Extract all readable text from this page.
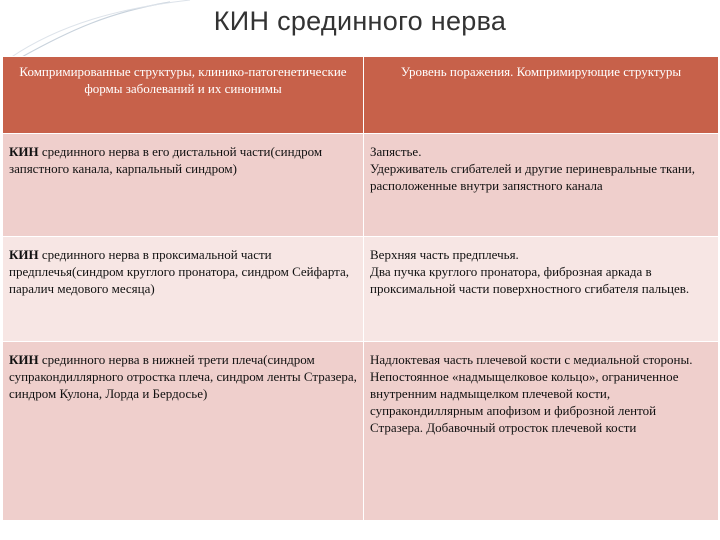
КИН срединного нерва
Компримированные структуры, клинико-патогенетические формы заболеваний и их синонимы	Уровень поражения. Компримирующие структуры

КИН срединного нерва в его дистальной части(синдром запястного канала, карпальный синдром)	Запястье.
Удерживатель сгибателей и другие периневральные ткани, расположенные внутри запястного канала

КИН срединного нерва в проксимальной части предплечья(синдром круглого пронатора, синдром Сейфарта, паралич медового месяца)	Верхняя часть предплечья.
Два пучка круглого пронатора, фиброзная аркада в проксимальной части поверхностного сгибателя пальцев.

КИН срединного нерва в нижней трети плеча(синдром супракондиллярного отростка плеча, синдром ленты Стразера, синдром Кулона, Лорда и Бердосье)	Надлоктевая часть плечевой кости с медиальной стороны. Непостоянное «надмыщелковое кольцо», ограниченное внутренним надмыщелком плечевой кости, супракондиллярным апофизом и фиброзной лентой Стразера. Добавочный отросток плечевой кости
